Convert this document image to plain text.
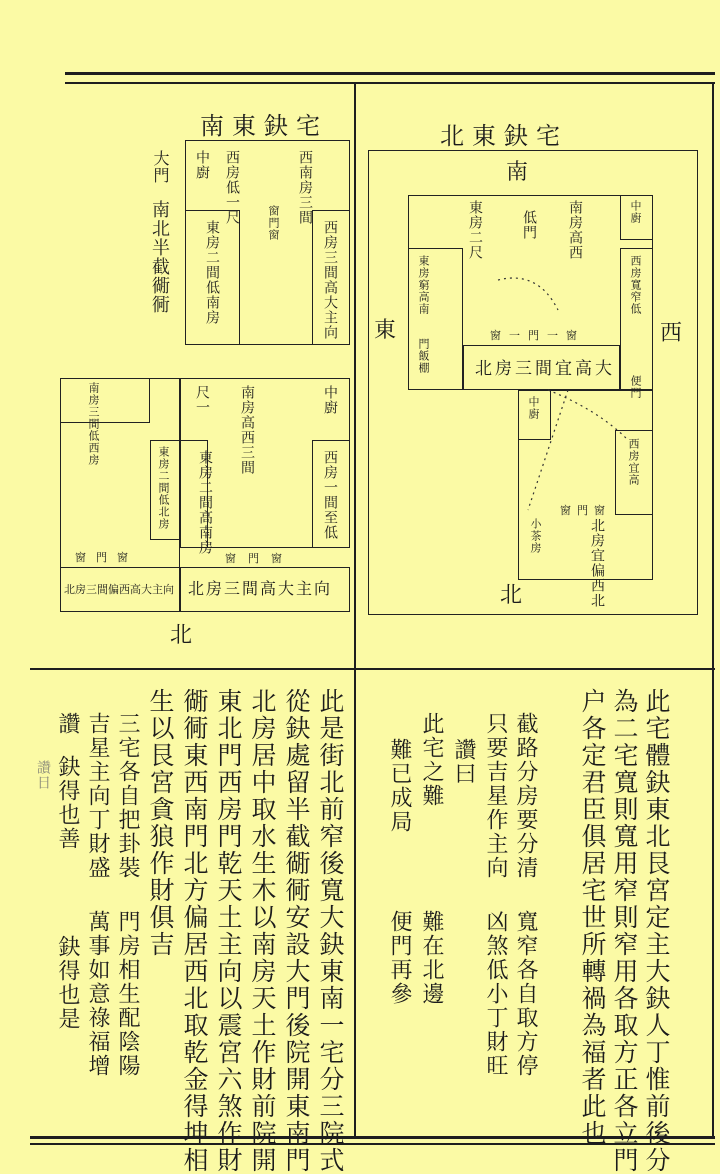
南東鈌宅
大門
南北半截衚衕
中廚 西房低一尺	西南房三間
東房二間低南房	西房三間高大主向
窗門窗
中廚
南房高西三間
尺一
西房一間至低
東房二間高南房
窗門窗
北房三間高大主向
南房三間低西房
東房二間低北房
窗門窗
北房三間偏西高大主向
北
北東鈌宅
南
東	西
北
中廚
南房高西
低門
東房二尺
西房寬窄低
便門
東房窮高南
門飯棚	北房三間宜高大
窗一門一窗
中廚
西房宜高
北房宜偏西北
小茶房
窗門窗
此是街北前窄後寬大鈌東南一宅分三院式
從鈌處留半截衚衕安設大門後院開東南門
北房居中取水生木以南房天土作財前院開
東北門西房門乾天土主向以震宮六煞作財
衚衕東西南門北方偏居西北取乾金得坤相
生以艮宮貪狼作財俱吉
三宅各自把卦裝
門房相生配陰陽
吉星主向丁財盛
萬事如意祿福增
讚
鈌得也善
鈌得也是
讚日	此宅體鈌東北艮宮定主大鈌人丁惟前後分
為二宅寬則寬用窄則窄用各取方正各立門
户各定君臣俱居宅世所轉禍為福者此也
截路分房要分清
寬窄各自取方停
只要吉星作主向
凶煞低小丁財旺
讚曰
此宅之難
難在北邊
難已成局
便門再參
